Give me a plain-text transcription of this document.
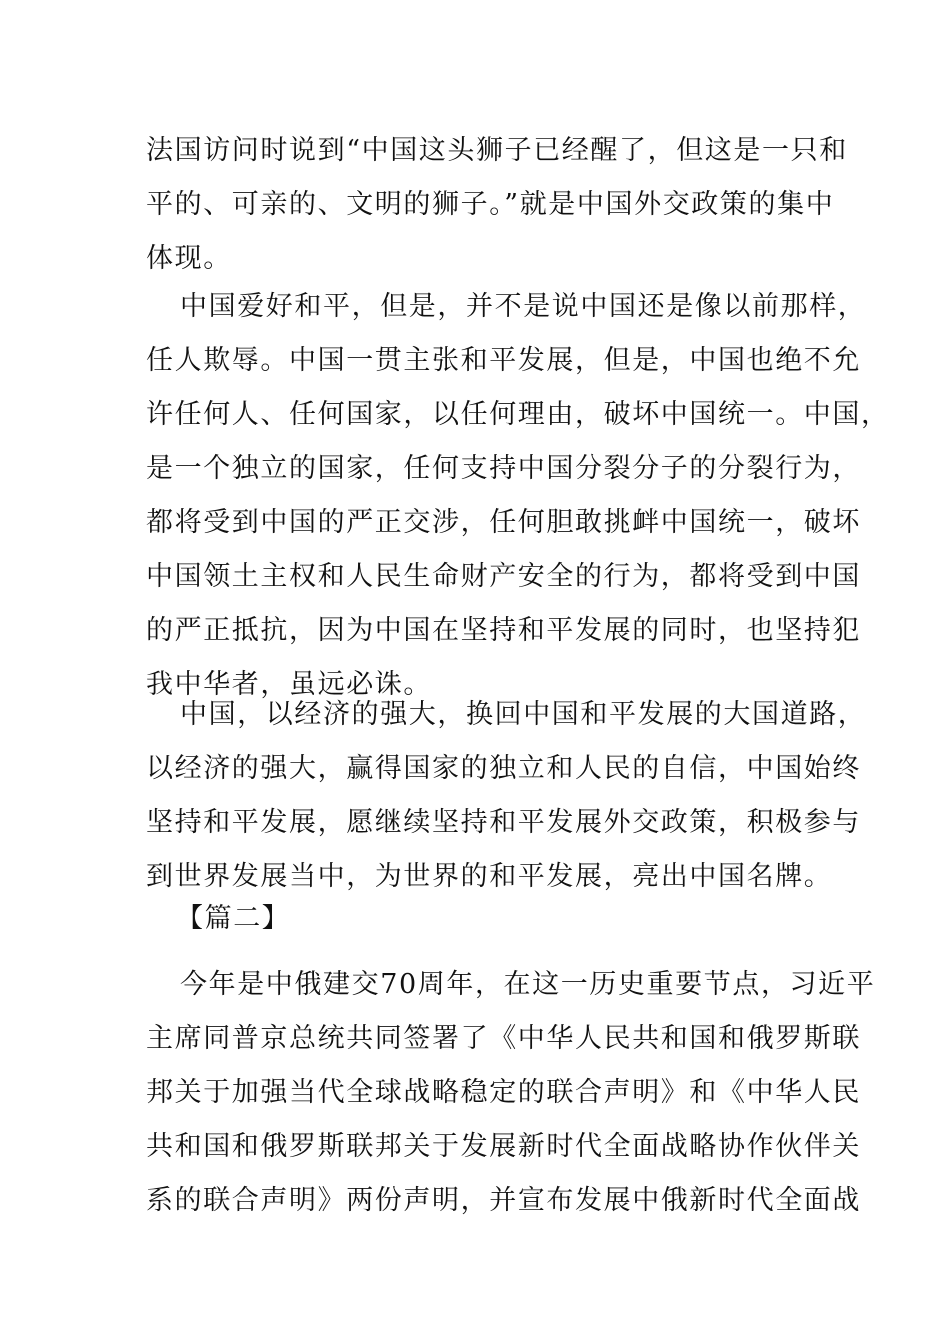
法国访问时说到“中国这头狮子已经醒了，但这是一只和
平的、可亲的、文明的狮子。”就是中国外交政策的集中
体现。
中国爱好和平，但是，并不是说中国还是像以前那样，
任人欺辱。中国一贯主张和平发展，但是，中国也绝不允
许任何人、任何国家，以任何理由，破坏中国统一。中国，
是一个独立的国家，任何支持中国分裂分子的分裂行为，
都将受到中国的严正交涉，任何胆敢挑衅中国统一，破坏
中国领土主权和人民生命财产安全的行为，都将受到中国
的严正抵抗，因为中国在坚持和平发展的同时，也坚持犯
我中华者，虽远必诛。
中国，以经济的强大，换回中国和平发展的大国道路，
以经济的强大，赢得国家的独立和人民的自信，中国始终
坚持和平发展，愿继续坚持和平发展外交政策，积极参与
到世界发展当中，为世界的和平发展，亮出中国名牌。
【篇二】
今年是中俄建交70周年，在这一历史重要节点，习近平
主席同普京总统共同签署了《中华人民共和国和俄罗斯联
邦关于加强当代全球战略稳定的联合声明》和《中华人民
共和国和俄罗斯联邦关于发展新时代全面战略协作伙伴关
系的联合声明》两份声明，并宣布发展中俄新时代全面战
